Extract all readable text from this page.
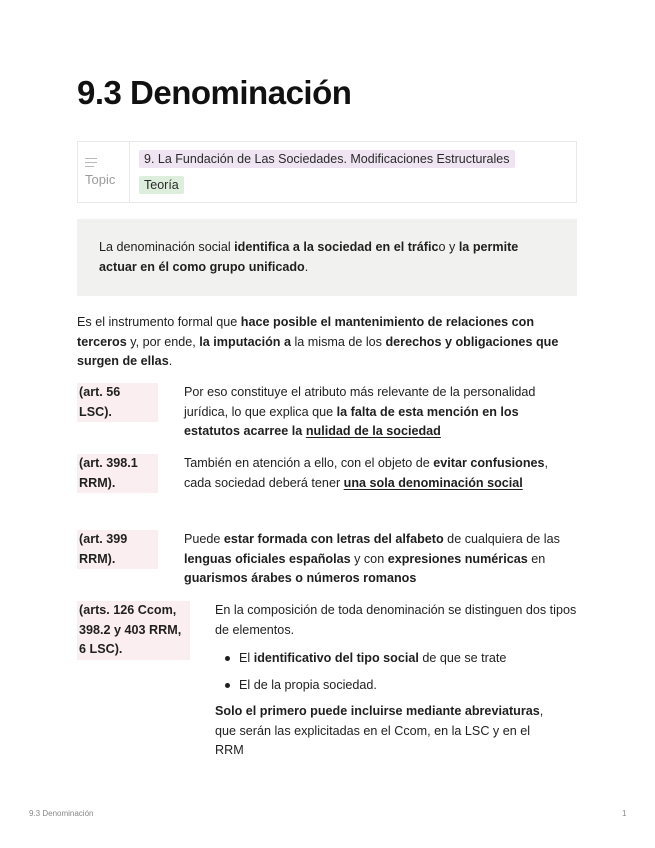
9.3 Denominación
Topic
9. La Fundación de Las Sociedades. Modificaciones Estructurales
Teoría
La denominación social identifica a la sociedad en el tráfico y la permite actuar en él como grupo unificado.
Es el instrumento formal que hace posible el mantenimiento de relaciones con terceros y, por ende, la imputación a la misma de los derechos y obligaciones que surgen de ellas.
(art. 56 LSC).
Por eso constituye el atributo más relevante de la personalidad jurídica, lo que explica que la falta de esta mención en los estatutos acarree la nulidad de la sociedad
(art. 398.1 RRM).
También en atención a ello, con el objeto de evitar confusiones, cada sociedad deberá tener una sola denominación social
(art. 399 RRM).
Puede estar formada con letras del alfabeto de cualquiera de las lenguas oficiales españolas y con expresiones numéricas en guarismos árabes o números romanos
(arts. 126 Ccom, 398.2 y 403 RRM, 6 LSC).
En la composición de toda denominación se distinguen dos tipos de elementos.
El identificativo del tipo social de que se trate
El de la propia sociedad.
Solo el primero puede incluirse mediante abreviaturas, que serán las explicitadas en el Ccom, en la LSC y en el RRM
9.3 Denominación	1
